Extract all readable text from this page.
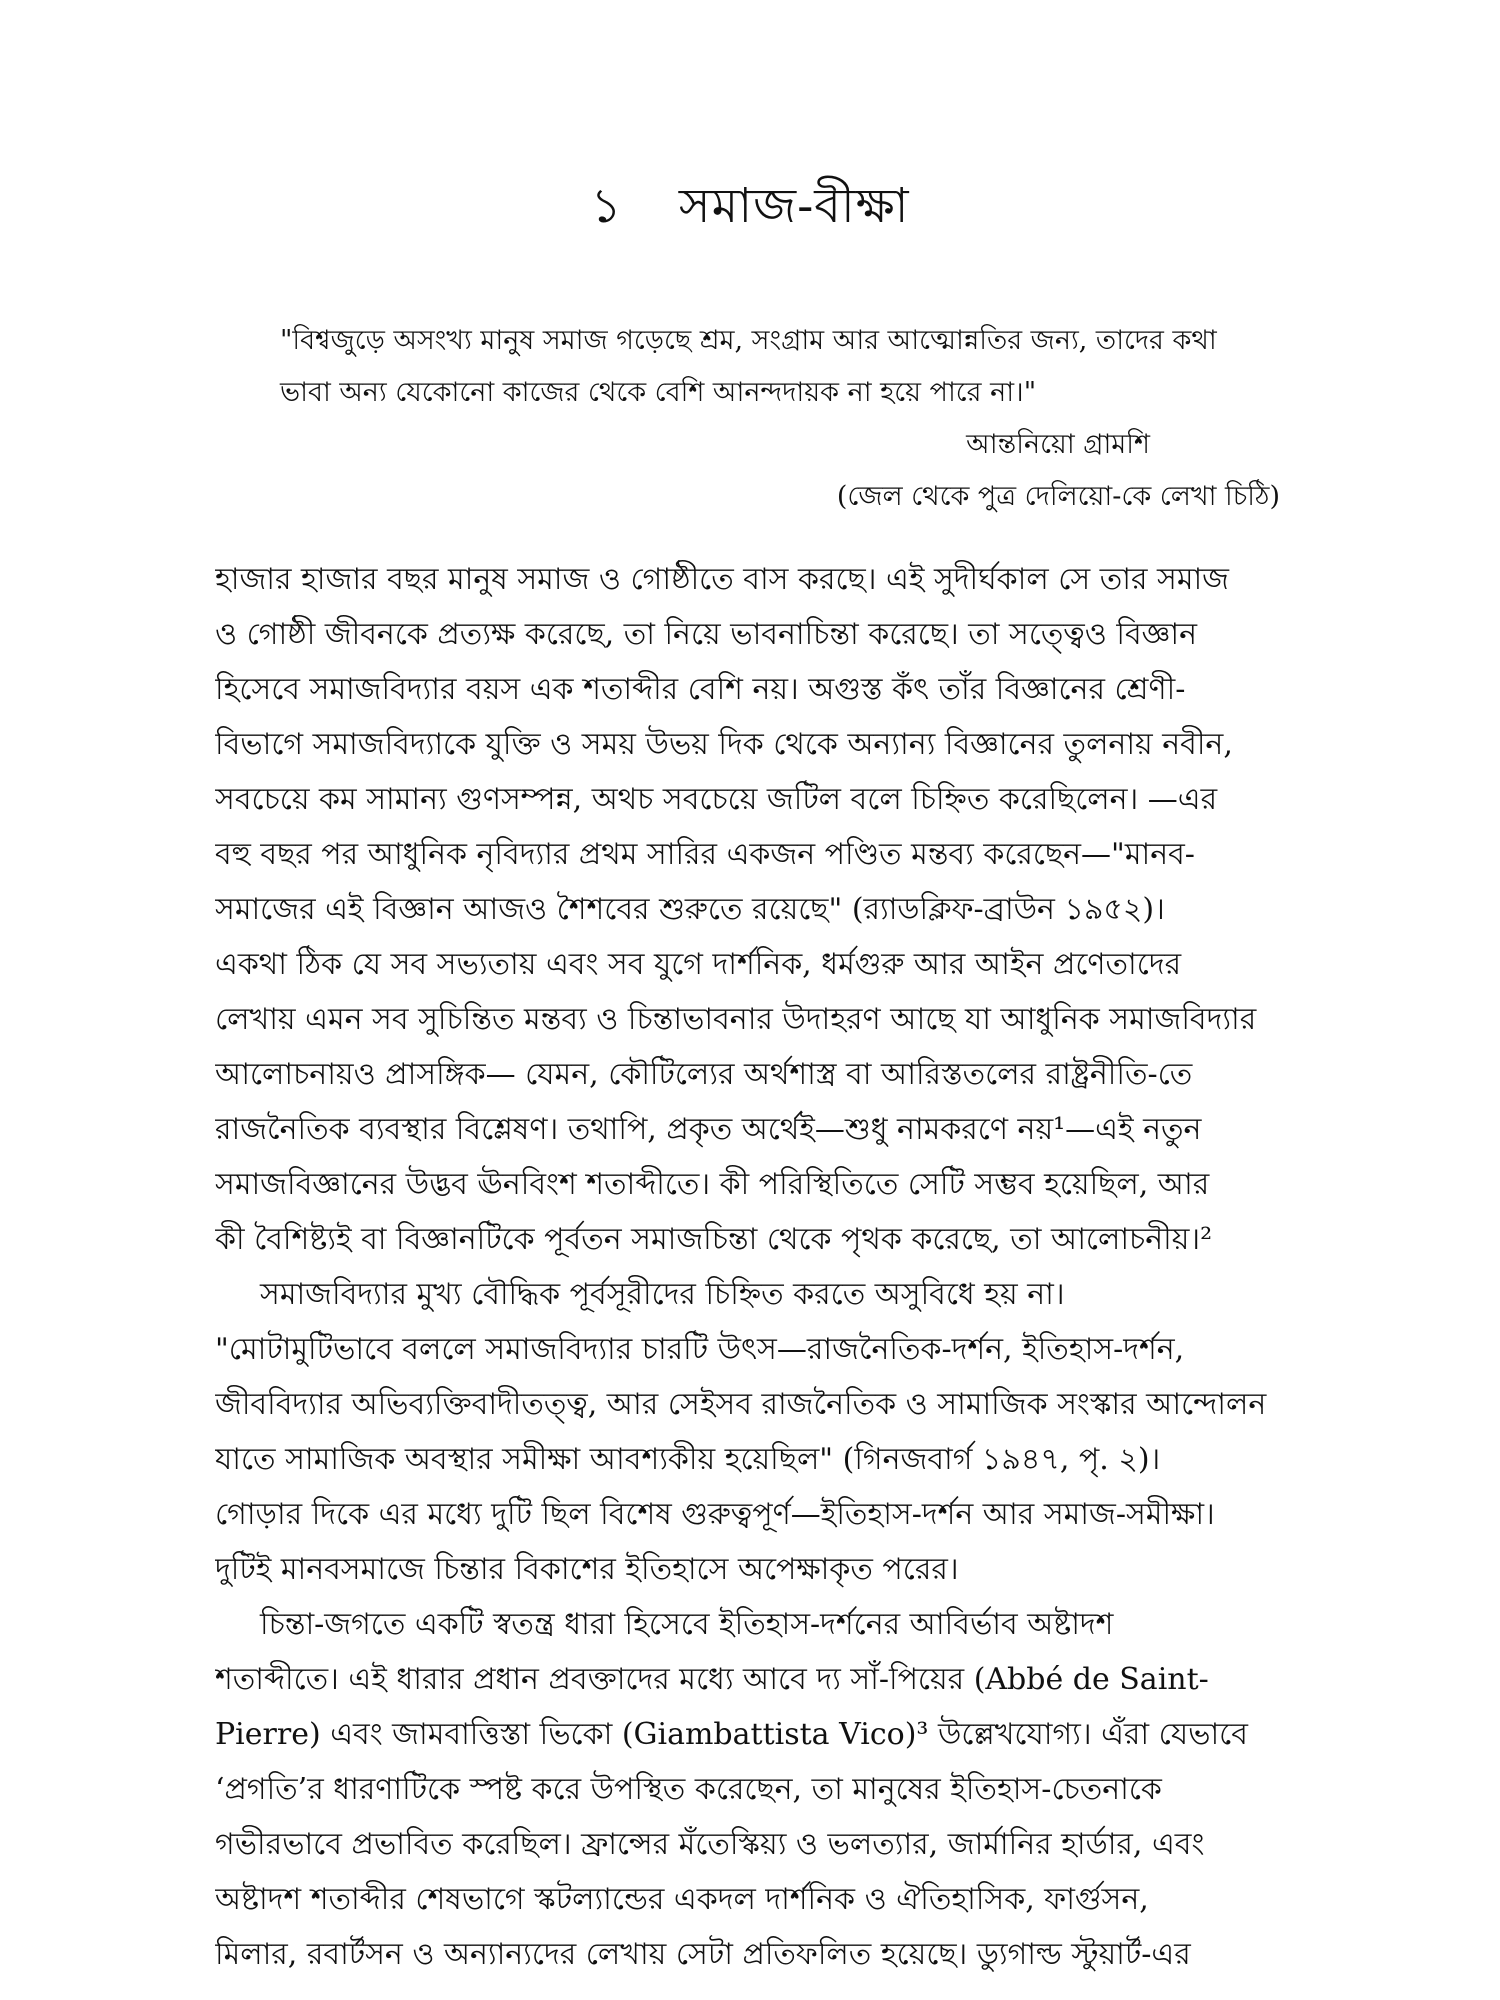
১ সমাজ-বীক্ষা
"বিশ্বজুড়ে অসংখ্য মানুষ সমাজ গড়েছে শ্রম, সংগ্রাম আর আত্মোন্নতির জন্য, তাদের কথা
ভাবা অন্য যেকোনো কাজের থেকে বেশি আনন্দদায়ক না হয়ে পারে না।"
আন্তনিয়ো গ্রামশি
(জেল থেকে পুত্র দেলিয়ো-কে লেখা চিঠি)
হাজার হাজার বছর মানুষ সমাজ ও গোষ্ঠীতে বাস করছে। এই সুদীর্ঘকাল সে তার সমাজ
ও গোষ্ঠী জীবনকে প্রত্যক্ষ করেছে, তা নিয়ে ভাবনাচিন্তা করেছে। তা সত্ত্বেও বিজ্ঞান
হিসেবে সমাজবিদ্যার বয়স এক শতাব্দীর বেশি নয়। অগুস্ত কঁৎ তাঁর বিজ্ঞানের শ্রেণী-
বিভাগে সমাজবিদ্যাকে যুক্তি ও সময় উভয় দিক থেকে অন্যান্য বিজ্ঞানের তুলনায় নবীন,
সবচেয়ে কম সামান্য গুণসম্পন্ন, অথচ সবচেয়ে জটিল বলে চিহ্নিত করেছিলেন। —এর
বহু বছর পর আধুনিক নৃবিদ্যার প্রথম সারির একজন পণ্ডিত মন্তব্য করেছেন—"মানব-
সমাজের এই বিজ্ঞান আজও শৈশবের শুরুতে রয়েছে" (র‍্যাডক্লিফ-ব্রাউন ১৯৫২)।
একথা ঠিক যে সব সভ্যতায় এবং সব যুগে দার্শনিক, ধর্মগুরু আর আইন প্রণেতাদের
লেখায় এমন সব সুচিন্তিত মন্তব্য ও চিন্তাভাবনার উদাহরণ আছে যা আধুনিক সমাজবিদ্যার
আলোচনায়ও প্রাসঙ্গিক— যেমন, কৌটিল্যের অর্থশাস্ত্র বা আরিস্ততলের রাষ্ট্রনীতি-তে
রাজনৈতিক ব্যবস্থার বিশ্লেষণ। তথাপি, প্রকৃত অর্থেই—শুধু নামকরণে নয়¹—এই নতুন
সমাজবিজ্ঞানের উদ্ভব ঊনবিংশ শতাব্দীতে। কী পরিস্থিতিতে সেটি সম্ভব হয়েছিল, আর
কী বৈশিষ্ট্যই বা বিজ্ঞানটিকে পূর্বতন সমাজচিন্তা থেকে পৃথক করেছে, তা আলোচনীয়।²
সমাজবিদ্যার মুখ্য বৌদ্ধিক পূর্বসূরীদের চিহ্নিত করতে অসুবিধে হয় না।
"মোটামুটিভাবে বললে সমাজবিদ্যার চারটি উৎস—রাজনৈতিক-দর্শন, ইতিহাস-দর্শন,
জীববিদ্যার অভিব্যক্তিবাদীতত্ত্ব, আর সেইসব রাজনৈতিক ও সামাজিক সংস্কার আন্দোলন
যাতে সামাজিক অবস্থার সমীক্ষা আবশ্যকীয় হয়েছিল" (গিনজবার্গ ১৯৪৭, পৃ. ২)।
গোড়ার দিকে এর মধ্যে দুটি ছিল বিশেষ গুরুত্বপূর্ণ—ইতিহাস-দর্শন আর সমাজ-সমীক্ষা।
দুটিই মানবসমাজে চিন্তার বিকাশের ইতিহাসে অপেক্ষাকৃত পরের।
চিন্তা-জগতে একটি স্বতন্ত্র ধারা হিসেবে ইতিহাস-দর্শনের আবির্ভাব অষ্টাদশ
শতাব্দীতে। এই ধারার প্রধান প্রবক্তাদের মধ্যে আবে দ্য সাঁ-পিয়ের (Abbé de Saint-
Pierre) এবং জামবাত্তিস্তা ভিকো (Giambattista Vico)³ উল্লেখযোগ্য। এঁরা যেভাবে
‘প্রগতি’র ধারণাটিকে স্পষ্ট করে উপস্থিত করেছেন, তা মানুষের ইতিহাস-চেতনাকে
গভীরভাবে প্রভাবিত করেছিল। ফ্রান্সের মঁতেস্কিয়্য ও ভলত্যার, জার্মানির হার্ডার, এবং
অষ্টাদশ শতাব্দীর শেষভাগে স্কটল্যান্ডের একদল দার্শনিক ও ঐতিহাসিক, ফার্গুসন,
মিলার, রবার্টসন ও অন্যান্যদের লেখায় সেটা প্রতিফলিত হয়েছে। ড্যুগাল্ড স্টুয়ার্ট-এর
